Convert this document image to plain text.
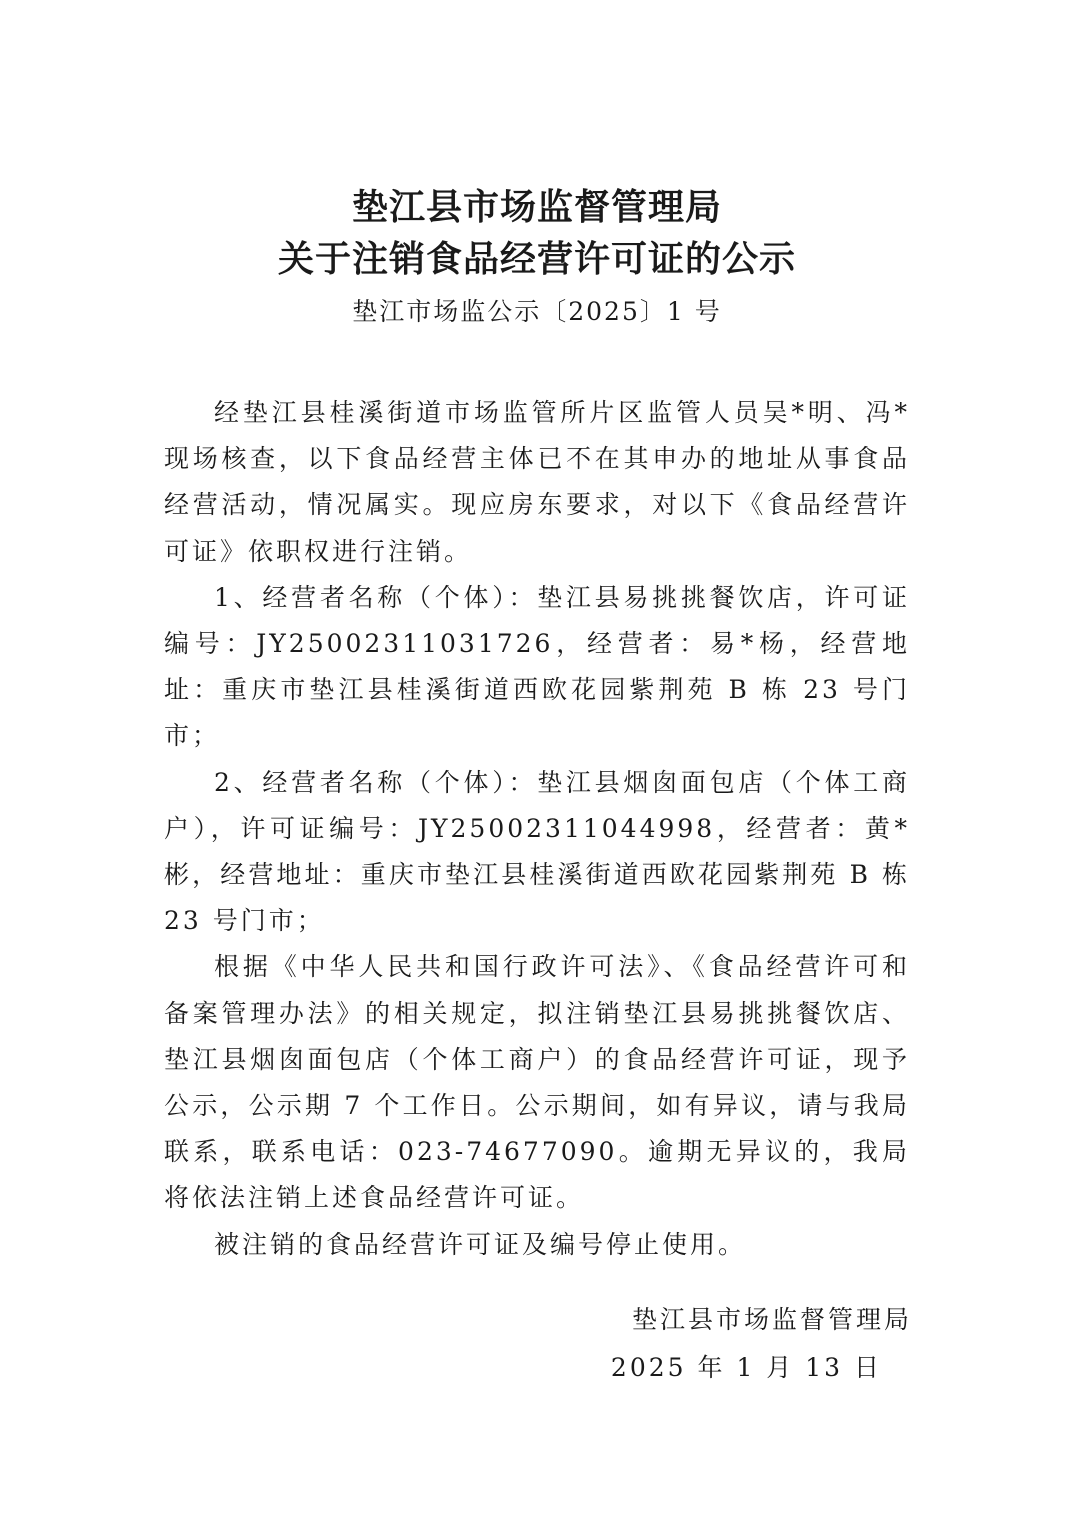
垫江县市场监督管理局
关于注销食品经营许可证的公示
垫江市场监公示〔2025〕1 号

经垫江县桂溪街道市场监管所片区监管人员吴*明、冯*现场核查，以下食品经营主体已不在其申办的地址从事食品经营活动，情况属实。现应房东要求，对以下《食品经营许可证》依职权进行注销。

1、经营者名称（个体）：垫江县易挑挑餐饮店，许可证编号：JY25002311031726，经营者：易*杨，经营地址：重庆市垫江县桂溪街道西欧花园紫荆苑 B 栋 23 号门市；

2、经营者名称（个体）：垫江县烟囱面包店（个体工商户），许可证编号：JY25002311044998，经营者：黄*彬，经营地址：重庆市垫江县桂溪街道西欧花园紫荆苑 B 栋 23 号门市；

根据《中华人民共和国行政许可法》、《食品经营许可和备案管理办法》的相关规定，拟注销垫江县易挑挑餐饮店、垫江县烟囱面包店（个体工商户）的食品经营许可证，现予公示，公示期 7 个工作日。公示期间，如有异议，请与我局联系，联系电话：023-74677090。逾期无异议的，我局将依法注销上述食品经营许可证。

被注销的食品经营许可证及编号停止使用。

垫江县市场监督管理局
2025 年 1 月 13 日
